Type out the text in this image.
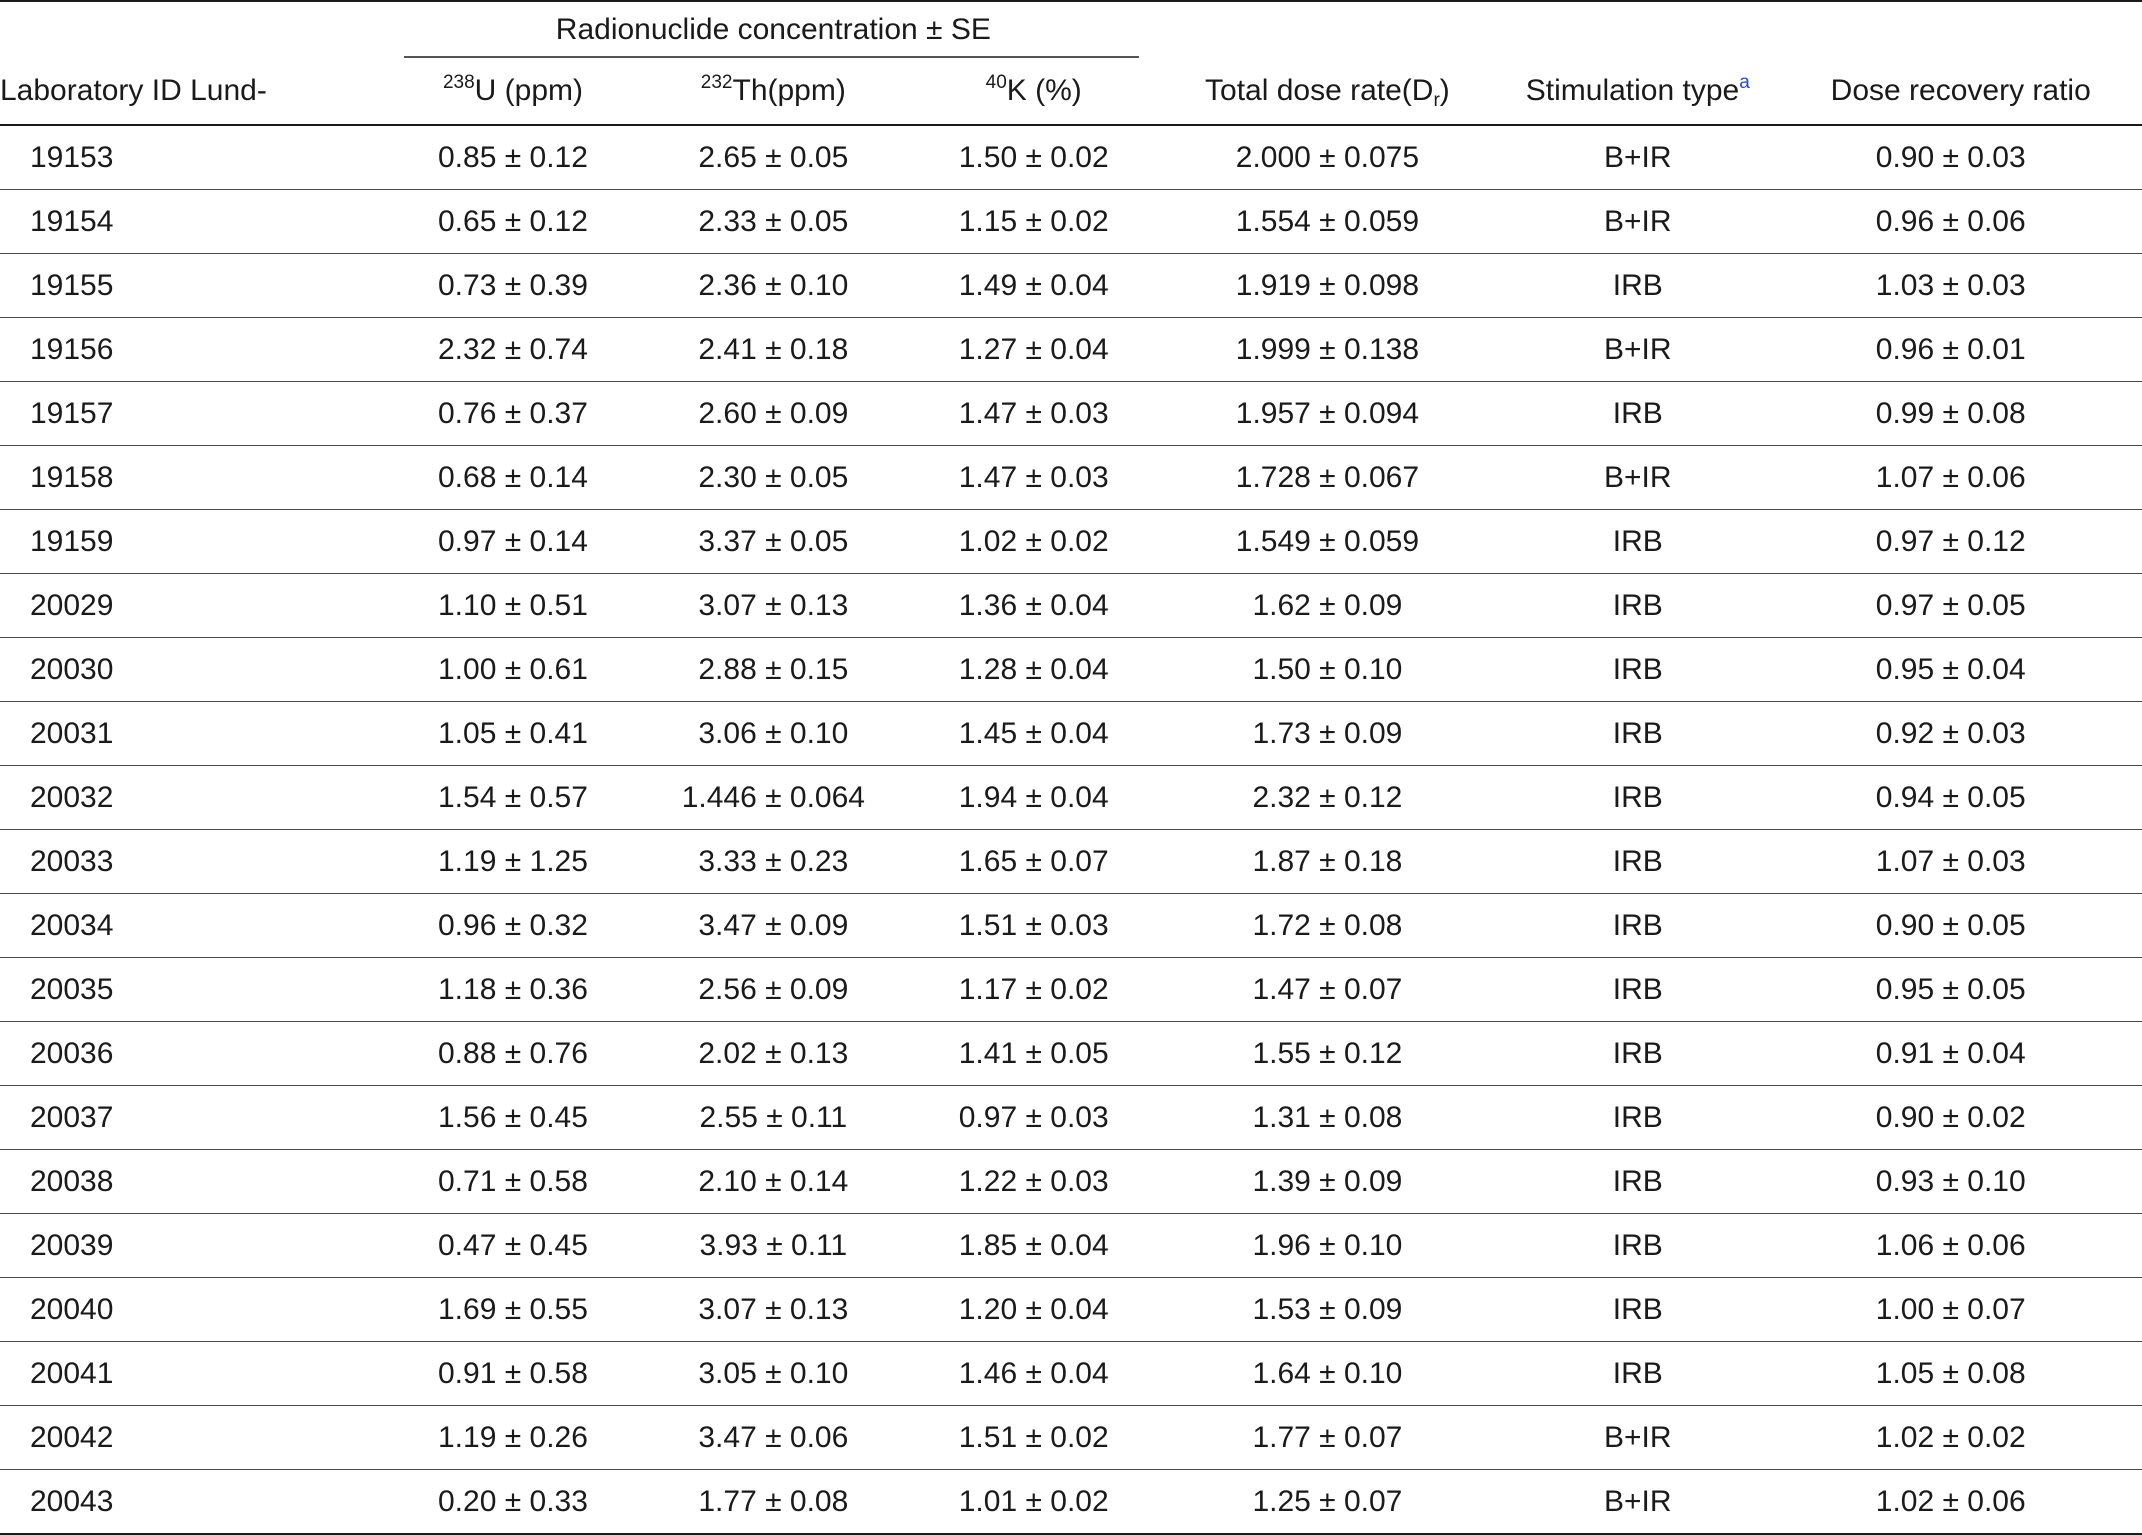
	Radionuclide concentration ± SE		

Laboratory ID Lund-	$^{238}$U (ppm)	$^{232}$Th(ppm)	$^{40}$K (%)	Total dose $rate(D_r)$	Stimulation type$^a$	Dose recovery ratio
19153	0.85 ± 0.12	2.65 ± 0.05	1.50 ± 0.02	2.000 ± 0.075	B+IR	0.90 ± 0.03
19154	0.65 ± 0.12	2.33 ± 0.05	1.15 ± 0.02	1.554 ± 0.059	B+IR	0.96 ± 0.06
19155	0.73 ± 0.39	2.36 ± 0.10	1.49 ± 0.04	1.919 ± 0.098	IRB	1.03 ± 0.03
19156	2.32 ± 0.74	2.41 ± 0.18	1.27 ± 0.04	1.999 ± 0.138	B+IR	0.96 ± 0.01
19157	0.76 ± 0.37	2.60 ± 0.09	1.47 ± 0.03	1.957 ± 0.094	IRB	0.99 ± 0.08
19158	0.68 ± 0.14	2.30 ± 0.05	1.47 ± 0.03	1.728 ± 0.067	B+IR	1.07 ± 0.06
19159	0.97 ± 0.14	3.37 ± 0.05	1.02 ± 0.02	1.549 ± 0.059	IRB	0.97 ± 0.12
20029	1.10 ± 0.51	3.07 ± 0.13	1.36 ± 0.04	1.62 ± 0.09	IRB	0.97 ± 0.05
20030	1.00 ± 0.61	2.88 ± 0.15	1.28 ± 0.04	1.50 ± 0.10	IRB	0.95 ± 0.04
20031	1.05 ± 0.41	3.06 ± 0.10	1.45 ± 0.04	1.73 ± 0.09	IRB	0.92 ± 0.03
20032	1.54 ± 0.57	1.446 ± 0.064	1.94 ± 0.04	2.32 ± 0.12	IRB	0.94 ± 0.05
20033	1.19 ± 1.25	3.33 ± 0.23	1.65 ± 0.07	1.87 ± 0.18	IRB	1.07 ± 0.03
20034	0.96 ± 0.32	3.47 ± 0.09	1.51 ± 0.03	1.72 ± 0.08	IRB	0.90 ± 0.05
20035	1.18 ± 0.36	2.56 ± 0.09	1.17 ± 0.02	1.47 ± 0.07	IRB	0.95 ± 0.05
20036	0.88 ± 0.76	2.02 ± 0.13	1.41 ± 0.05	1.55 ± 0.12	IRB	0.91 ± 0.04
20037	1.56 ± 0.45	2.55 ± 0.11	0.97 ± 0.03	1.31 ± 0.08	IRB	0.90 ± 0.02
20038	0.71 ± 0.58	2.10 ± 0.14	1.22 ± 0.03	1.39 ± 0.09	IRB	0.93 ± 0.10
20039	0.47 ± 0.45	3.93 ± 0.11	1.85 ± 0.04	1.96 ± 0.10	IRB	1.06 ± 0.06
20040	1.69 ± 0.55	3.07 ± 0.13	1.20 ± 0.04	1.53 ± 0.09	IRB	1.00 ± 0.07
20041	0.91 ± 0.58	3.05 ± 0.10	1.46 ± 0.04	1.64 ± 0.10	IRB	1.05 ± 0.08
20042	1.19 ± 0.26	3.47 ± 0.06	1.51 ± 0.02	1.77 ± 0.07	B+IR	1.02 ± 0.02
20043	0.20 ± 0.33	1.77 ± 0.08	1.01 ± 0.02	1.25 ± 0.07	B+IR	1.02 ± 0.06
